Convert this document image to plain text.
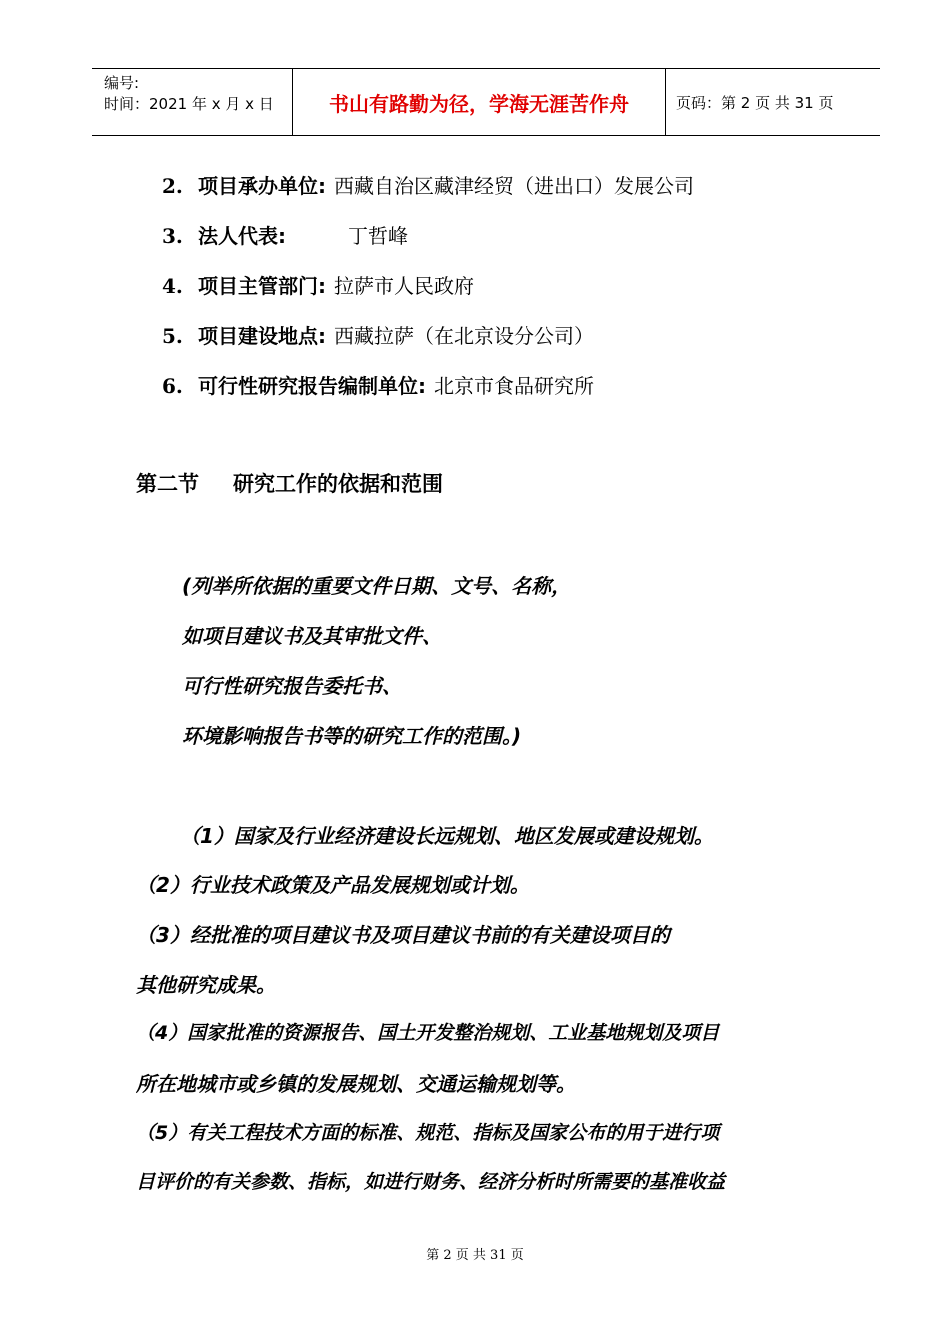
编号:
时间：2021 年 x 月 x 日	书山有路勤为径，学海无涯苦作舟	页码：第 2 页 共 31 页
2. 项目承办单位: 西藏自治区藏津经贸（进出口）发展公司
3. 法人代表:	丁哲峰
4. 项目主管部门: 拉萨市人民政府
5. 项目建设地点: 西藏拉萨（在北京设分公司）
6. 可行性研究报告编制单位: 北京市食品研究所
第二节 研究工作的依据和范围
(列举所依据的重要文件日期、文号、名称，
如项目建议书及其审批文件、
可行性研究报告委托书、
环境影响报告书等的研究工作的范围。)
（1）国家及行业经济建设长远规划、地区发展或建设规划。
（2）行业技术政策及产品发展规划或计划。
（3）经批准的项目建议书及项目建议书前的有关建设项目的
其他研究成果。
（4）国家批准的资源报告、国土开发整治规划、工业基地规划及项目
所在地城市或乡镇的发展规划、交通运输规划等。
（5）有关工程技术方面的标准、规范、指标及国家公布的用于进行项
目评价的有关参数、指标，如进行财务、经济分析时所需要的基准收益
第 2 页 共 31 页
